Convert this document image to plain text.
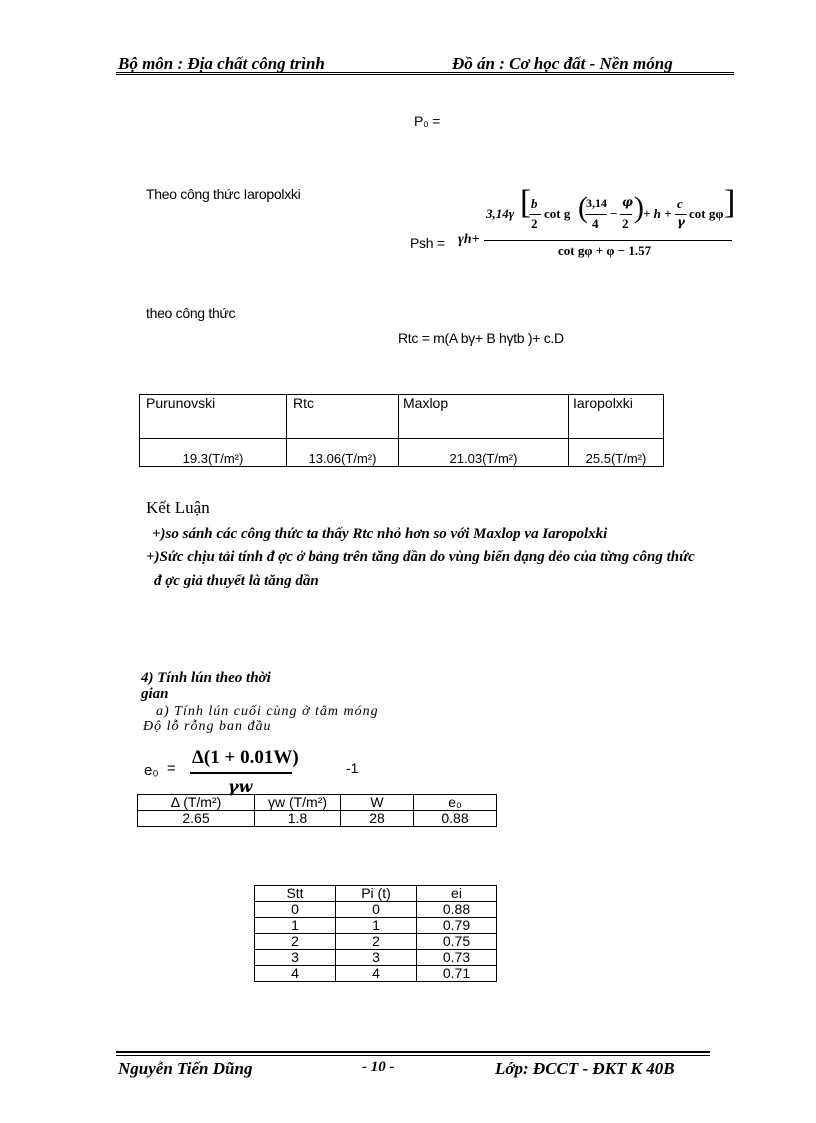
Bộ môn : Địa chất công trình	Đồ án : Cơ học đất - Nền móng
P₀ =
Theo công thức Iaropolxki
Psh = γh+
3,14γ [ b
2
cot g (
3,14
4
−
φ
2 ) + h +
c
γ
cot gφ ]
cot gφ + φ − 1.57
theo công thức
Rtc = m(A bγ+ B hγtb )+ c.D
Purunovski	Rtc	Maxlop	Iaropolxki
19.3(T/m²)	13.06(T/m²)	21.03(T/m²)	25.5(T/m²)
Kết Luận
+)so sánh các công thức ta thấy Rtc nhỏ hơn so với Maxlop va Iaropolxki
+)Sức chịu tải tính đ ợc ở bảng trên tăng dần do vùng biến dạng dẻo của từng công thức
đ ợc giả thuyết là tăng dần
4) Tính lún theo thời
gian
a) Tính lún cuối cùng ở tâm móng
Độ lỗ rỗng ban đầu
e₀ =
Δ(1 + 0.01W)
γw
-1
Δ (T/m²)	γw (T/m²)	W	e₀
2.65	1.8	28	0.88
Stt	Pi (t)	ei
0	0	0.88
1	1	0.79
2	2	0.75
3	3	0.73
4	4	0.71
Nguyễn Tiến Dũng	- 10 -	Lớp: ĐCCT - ĐKT K 40B
